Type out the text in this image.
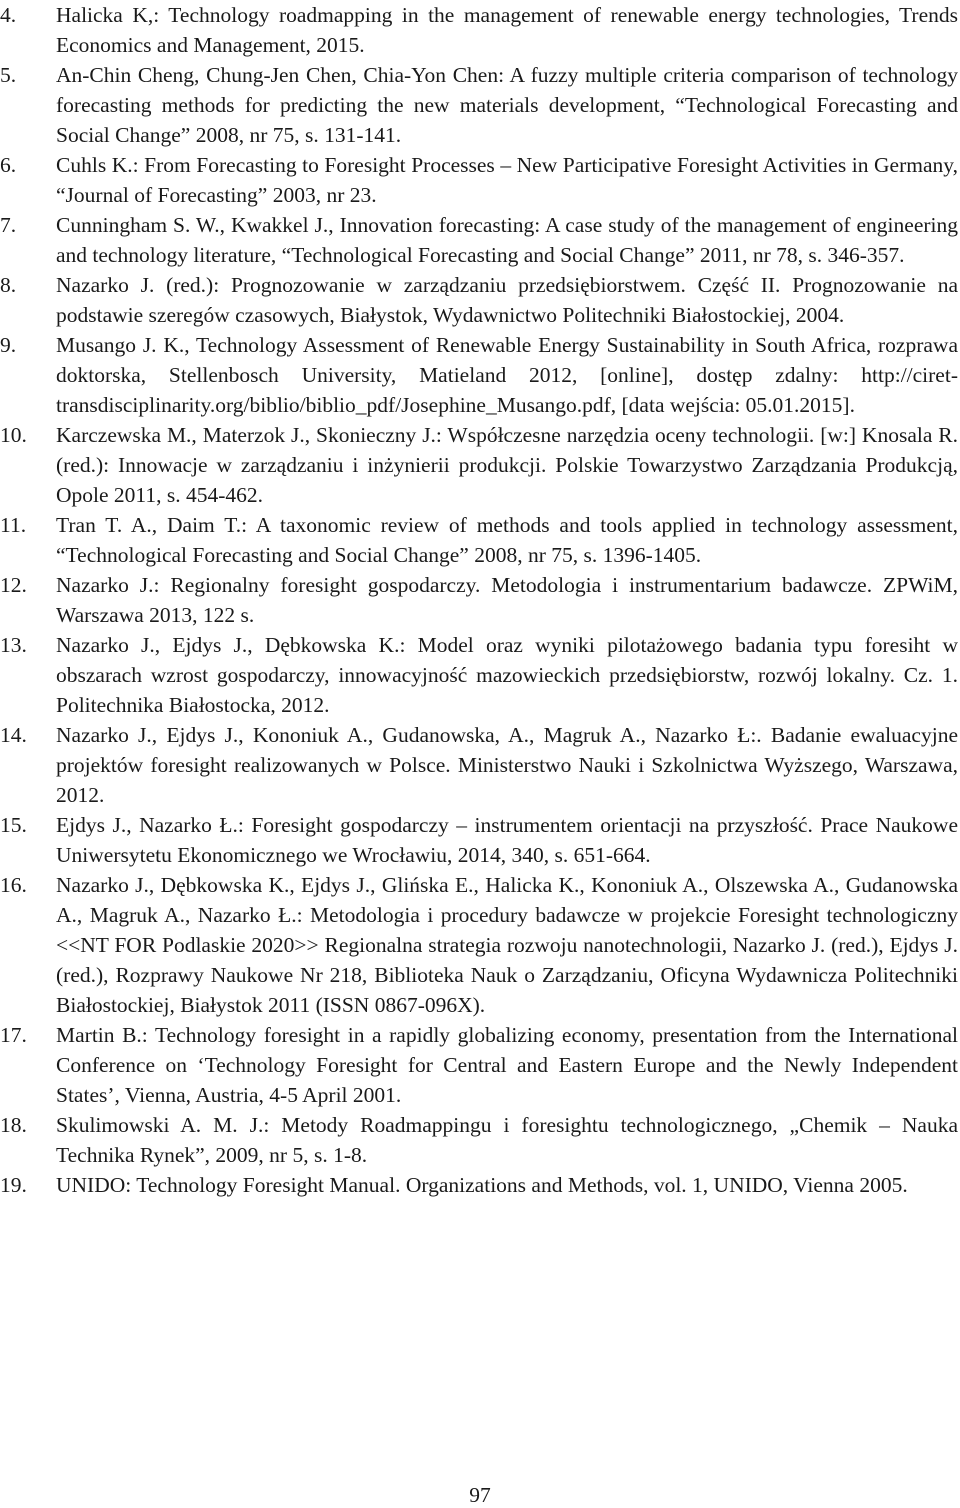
4.	Halicka K,: Technology roadmapping in the management of renewable energy technologies, Trends Economics and Management, 2015.
5.	An-Chin Cheng, Chung-Jen Chen, Chia-Yon Chen: A fuzzy multiple criteria comparison of technology forecasting methods for predicting the new materials development, “Technological Forecasting and Social Change” 2008, nr 75, s. 131-141.
6.	Cuhls K.: From Forecasting to Foresight Processes – New Participative Foresight Activities in Germany, “Journal of Forecasting” 2003, nr 23.
7.	Cunningham S. W., Kwakkel J., Innovation forecasting: A case study of the management of engineering and technology literature, “Technological Forecasting and Social Change” 2011, nr 78, s. 346-357.
8.	Nazarko J. (red.): Prognozowanie w zarządzaniu przedsiębiorstwem. Część II. Prognozowanie na podstawie szeregów czasowych, Białystok, Wydawnictwo Politechniki Białostockiej, 2004.
9.	Musango J. K., Technology Assessment of Renewable Energy Sustainability in South Africa, rozprawa doktorska, Stellenbosch University, Matieland 2012, [online], dostęp zdalny: http://ciret-transdisciplinarity.org/biblio/biblio_pdf/Josephine_Musango.pdf, [data wejścia: 05.01.2015].
10.	Karczewska M., Materzok J., Skonieczny J.: Współczesne narzędzia oceny technologii. [w:] Knosala R. (red.): Innowacje w zarządzaniu i inżynierii produkcji. Polskie Towarzystwo Zarządzania Produkcją, Opole 2011, s. 454-462.
11.	Tran T. A., Daim T.: A taxonomic review of methods and tools applied in technology assessment, “Technological Forecasting and Social Change” 2008, nr 75, s. 1396-1405.
12.	Nazarko J.: Regionalny foresight gospodarczy. Metodologia i instrumentarium badawcze. ZPWiM, Warszawa 2013, 122 s.
13.	Nazarko J., Ejdys J., Dębkowska K.: Model oraz wyniki pilotażowego badania typu foresiht w obszarach wzrost gospodarczy, innowacyjność mazowieckich przedsiębiorstw, rozwój lokalny. Cz. 1. Politechnika Białostocka, 2012.
14.	Nazarko J., Ejdys J., Kononiuk A., Gudanowska, A., Magruk A., Nazarko Ł:. Badanie ewaluacyjne projektów foresight realizowanych w Polsce. Ministerstwo Nauki i Szkolnictwa Wyższego, Warszawa, 2012.
15.	Ejdys J., Nazarko Ł.: Foresight gospodarczy – instrumentem orientacji na przyszłość. Prace Naukowe Uniwersytetu Ekonomicznego we Wrocławiu, 2014, 340, s. 651-664.
16.	Nazarko J., Dębkowska K., Ejdys J., Glińska E., Halicka K., Kononiuk A., Olszewska A., Gudanowska A., Magruk A., Nazarko Ł.: Metodologia i procedury badawcze w projekcie Foresight technologiczny <<NT FOR Podlaskie 2020>> Regionalna strategia rozwoju nanotechnologii, Nazarko J. (red.), Ejdys J. (red.), Rozprawy Naukowe Nr 218, Biblioteka Nauk o Zarządzaniu, Oficyna Wydawnicza Politechniki Białostockiej, Białystok 2011 (ISSN 0867-096X).
17.	Martin B.: Technology foresight in a rapidly globalizing economy, presentation from the International Conference on ‘Technology Foresight for Central and Eastern Europe and the Newly Independent States’, Vienna, Austria, 4-5 April 2001.
18.	Skulimowski A. M. J.: Metody Roadmappingu i foresightu technologicznego, „Chemik – Nauka Technika Rynek”, 2009, nr 5, s. 1-8.
19.	UNIDO: Technology Foresight Manual. Organizations and Methods, vol. 1, UNIDO, Vienna 2005.
97
